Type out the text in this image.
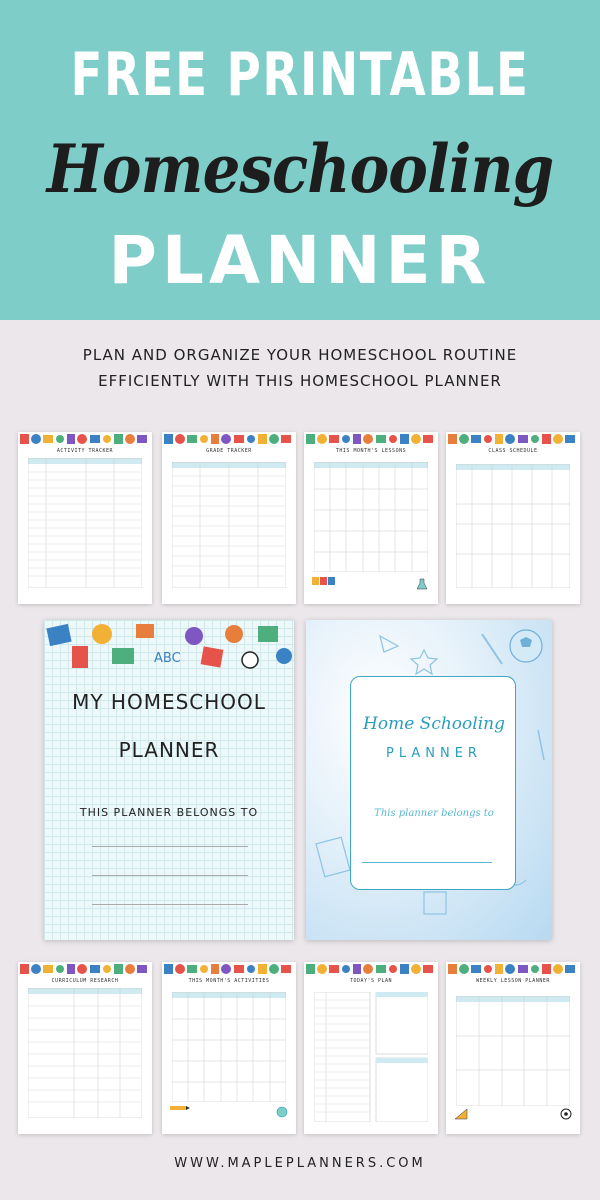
FREE PRINTABLE
Homeschooling
PLANNER
PLAN AND ORGANIZE YOUR HOMESCHOOL ROUTINE
EFFICIENTLY WITH THIS HOMESCHOOL PLANNER
ACTIVITY TRACKER	GRADE TRACKER	THIS MONTH'S LESSONS	CLASS SCHEDULE
ABC
MY HOMESCHOOL
PLANNER
THIS PLANNER BELONGS TO
Home Schooling
PLANNER
This planner belongs to
CURRICULUM RESEARCH	THIS MONTH'S ACTIVITIES	TODAY'S PLAN	WEEKLY LESSON PLANNER
WWW.MAPLEPLANNERS.COM
